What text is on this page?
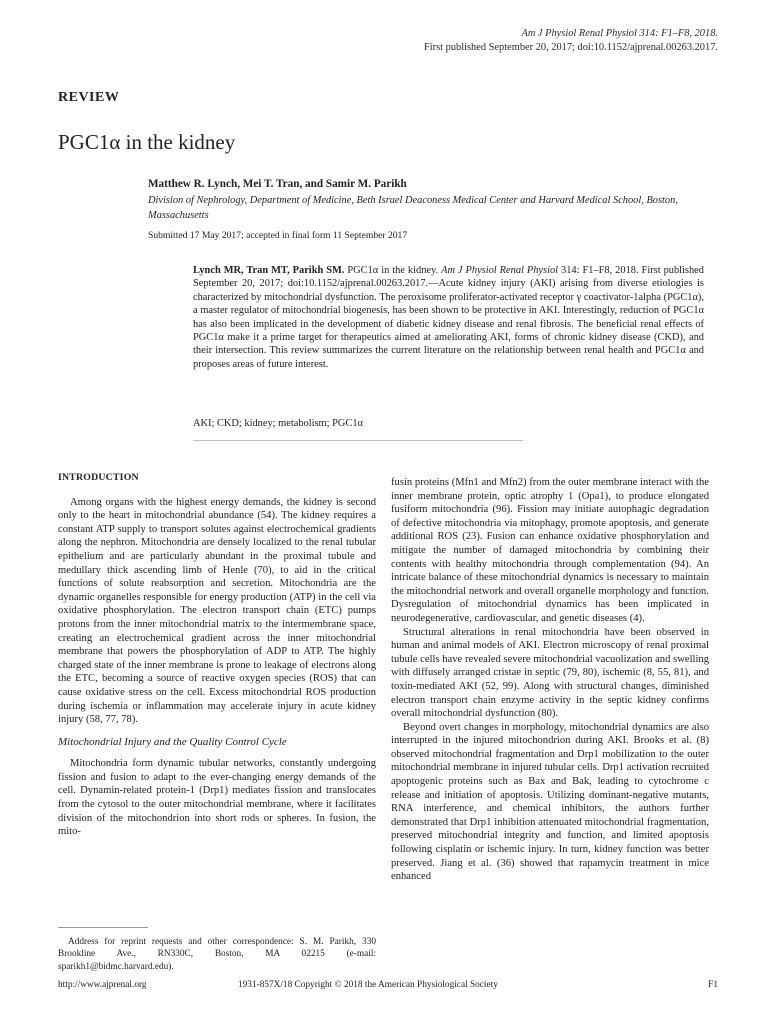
Am J Physiol Renal Physiol 314: F1–F8, 2018.
First published September 20, 2017; doi:10.1152/ajprenal.00263.2017.
REVIEW
PGC1α in the kidney
Matthew R. Lynch, Mei T. Tran, and Samir M. Parikh
Division of Nephrology, Department of Medicine, Beth Israel Deaconess Medical Center and Harvard Medical School, Boston, Massachusetts
Submitted 17 May 2017; accepted in final form 11 September 2017
Lynch MR, Tran MT, Parikh SM. PGC1α in the kidney. Am J Physiol Renal Physiol 314: F1–F8, 2018. First published September 20, 2017; doi:10.1152/ajprenal.00263.2017.—Acute kidney injury (AKI) arising from diverse etiologies is characterized by mitochondrial dysfunction. The peroxisome proliferator-activated receptor γ coactivator-1alpha (PGC1α), a master regulator of mitochondrial biogenesis, has been shown to be protective in AKI. Interestingly, reduction of PGC1α has also been implicated in the development of diabetic kidney disease and renal fibrosis. The beneficial renal effects of PGC1α make it a prime target for therapeutics aimed at ameliorating AKI, forms of chronic kidney disease (CKD), and their intersection. This review summarizes the current literature on the relationship between renal health and PGC1α and proposes areas of future interest.
AKI; CKD; kidney; metabolism; PGC1α
INTRODUCTION

Among organs with the highest energy demands, the kidney is second only to the heart in mitochondrial abundance (54). The kidney requires a constant ATP supply to transport solutes against electrochemical gradients along the nephron. Mitochondria are densely localized to the renal tubular epithelium and are particularly abundant in the proximal tubule and medullary thick ascending limb of Henle (70), to aid in the critical functions of solute reabsorption and secretion. Mitochondria are the dynamic organelles responsible for energy production (ATP) in the cell via oxidative phosphorylation. The electron transport chain (ETC) pumps protons from the inner mitochondrial matrix to the intermembrane space, creating an electrochemical gradient across the inner mitochondrial membrane that powers the phosphorylation of ADP to ATP. The highly charged state of the inner membrane is prone to leakage of electrons along the ETC, becoming a source of reactive oxygen species (ROS) that can cause oxidative stress on the cell. Excess mitochondrial ROS production during ischemia or inflammation may accelerate injury in acute kidney injury (58, 77, 78).

Mitochondrial Injury and the Quality Control Cycle

Mitochondria form dynamic tubular networks, constantly undergoing fission and fusion to adapt to the ever-changing energy demands of the cell. Dynamin-related protein-1 (Drp1) mediates fission and translocates from the cytosol to the outer mitochondrial membrane, where it facilitates division of the mitochondrion into short rods or spheres. In fusion, the mito-

fusin proteins (Mfn1 and Mfn2) from the outer membrane interact with the inner membrane protein, optic atrophy 1 (Opa1), to produce elongated fusiform mitochondria (96). Fission may initiate autophagic degradation of defective mitochondria via mitophagy, promote apoptosis, and generate additional ROS (23). Fusion can enhance oxidative phosphorylation and mitigate the number of damaged mitochondria by combining their contents with healthy mitochondria through complementation (94). An intricate balance of these mitochondrial dynamics is necessary to maintain the mitochondrial network and overall organelle morphology and function. Dysregulation of mitochondrial dynamics has been implicated in neurodegenerative, cardiovascular, and genetic diseases (4).

Structural alterations in renal mitochondria have been observed in human and animal models of AKI. Electron microscopy of renal proximal tubule cells have revealed severe mitochondrial vacuolization and swelling with diffusely arranged cristae in septic (79, 80), ischemic (8, 55, 81), and toxin-mediated AKI (52, 99). Along with structural changes, diminished electron transport chain enzyme activity in the septic kidney confirms overall mitochondrial dysfunction (80).

Beyond overt changes in morphology, mitochondrial dynamics are also interrupted in the injured mitochondrion during AKI. Brooks et al. (8) observed mitochondrial fragmentation and Drp1 mobilization to the outer mitochondrial membrane in injured tubular cells. Drp1 activation recruited apoptogenic proteins such as Bax and Bak, leading to cytochrome c release and initiation of apoptosis. Utilizing dominant-negative mutants, RNA interference, and chemical inhibitors, the authors further demonstrated that Drp1 inhibition attenuated mitochondrial fragmentation, preserved mitochondrial integrity and function, and limited apoptosis following cisplatin or ischemic injury. In turn, kidney function was better preserved. Jiang et al. (36) showed that rapamycin treatment in mice enhanced

Address for reprint requests and other correspondence: S. M. Parikh, 330 Brookline Ave., RN330C, Boston, MA 02215 (e-mail: sparikh1@bidmc.harvard.edu).
http://www.ajprenal.org	1931-857X/18 Copyright © 2018 the American Physiological Society	F1
